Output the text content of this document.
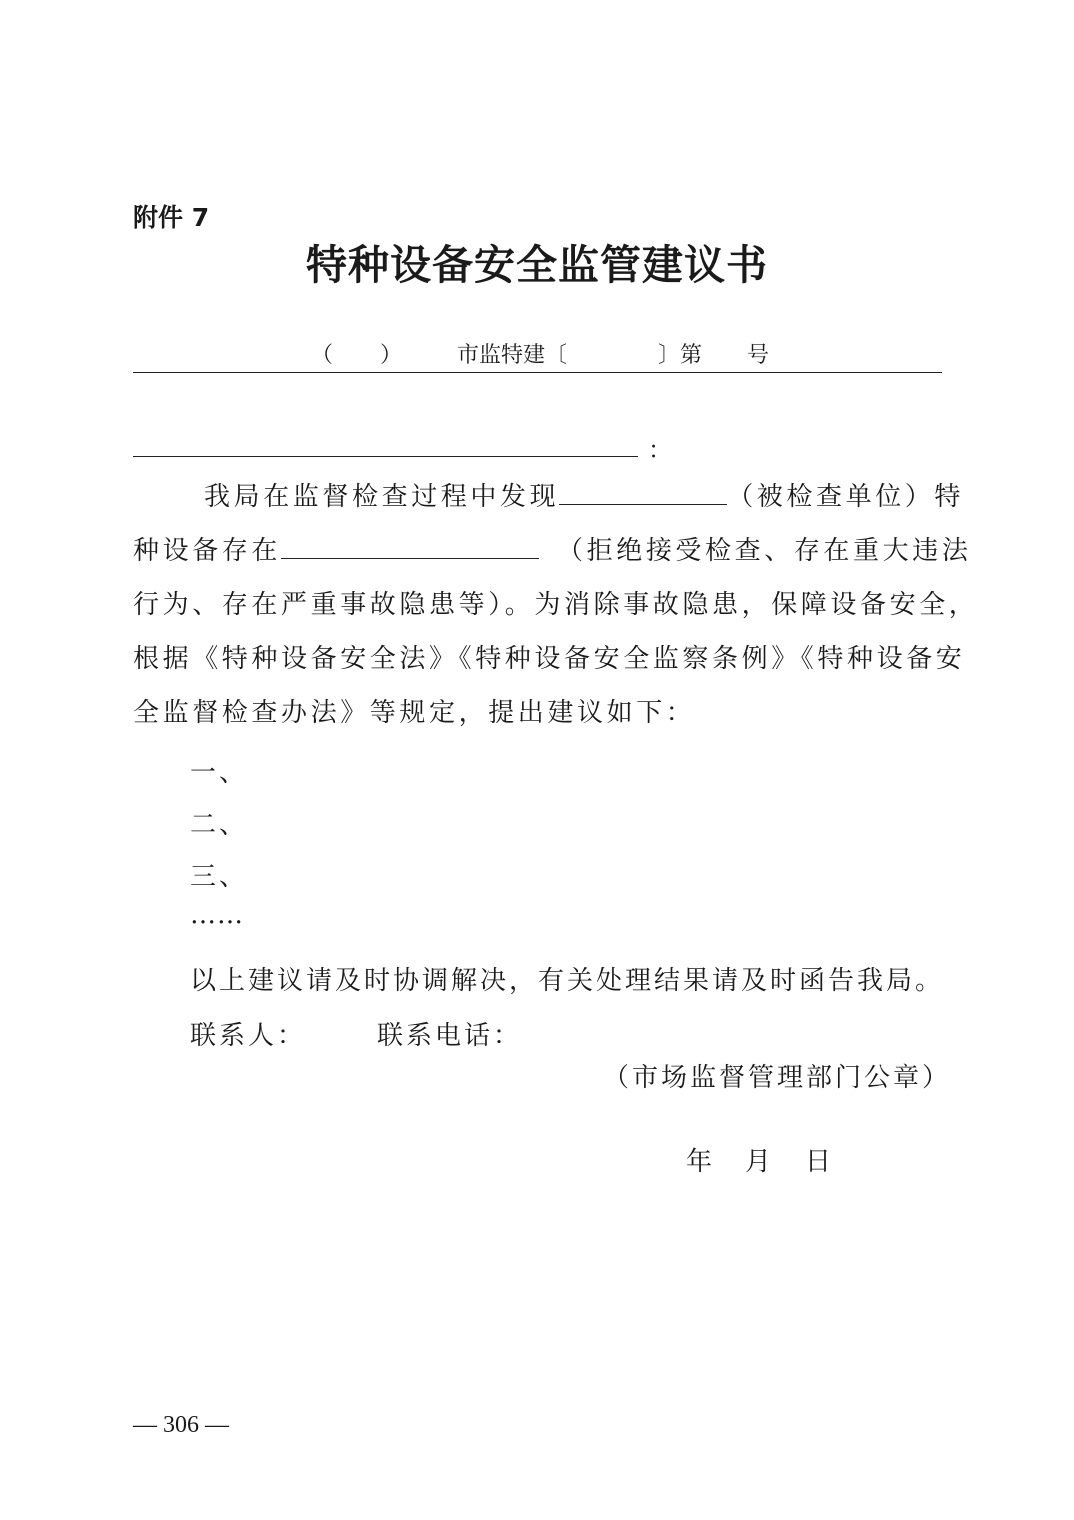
附件 7
特种设备安全监管建议书
（ ） 市监特建〔	〕第 号
：
我局在监督检查过程中发现	（被检查单位）特
种设备存在	（拒绝接受检查、存在重大违法
行为、存在严重事故隐患等）。为消除事故隐患，保障设备安全，
根据《特种设备安全法》《特种设备安全监察条例》《特种设备安
全监督检查办法》等规定，提出建议如下：
一、
二、
三、
……
以上建议请及时协调解决，有关处理结果请及时函告我局。
联系人：	联系电话：
（市场监督管理部门公章）
年 月 日
— 306 —
